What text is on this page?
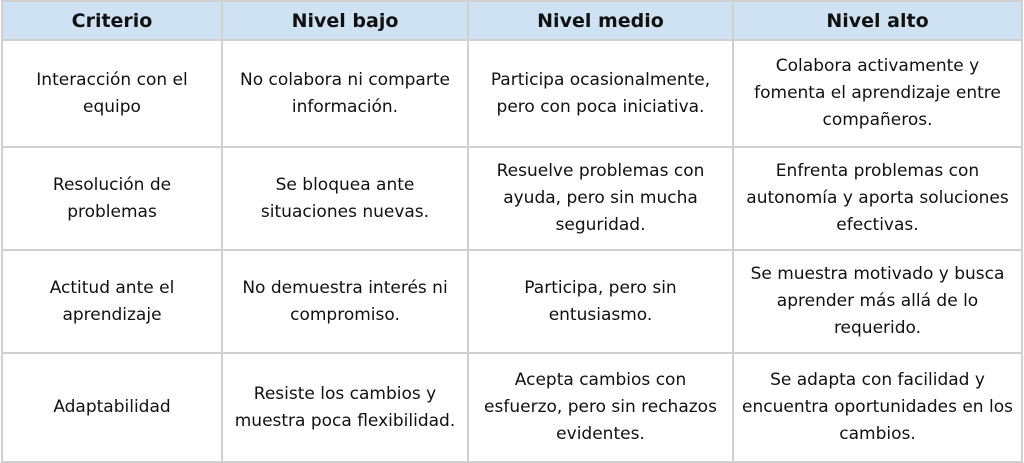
Criterio	Nivel bajo	Nivel medio	Nivel alto

Interacción con el equipo	No colabora ni comparte información.	Participa ocasionalmente, pero con poca iniciativa.	Colabora activamente y fomenta el aprendizaje entre compañeros.

Resolución de problemas	Se bloquea ante situaciones nuevas.	Resuelve problemas con ayuda, pero sin mucha seguridad.	Enfrenta problemas con autonomía y aporta soluciones efectivas.

Actitud ante el aprendizaje	No demuestra interés ni compromiso.	Participa, pero sin entusiasmo.	Se muestra motivado y busca aprender más allá de lo requerido.

Adaptabilidad	Resiste los cambios y muestra poca flexibilidad.	Acepta cambios con esfuerzo, pero sin rechazos evidentes.	Se adapta con facilidad y encuentra oportunidades en los cambios.
